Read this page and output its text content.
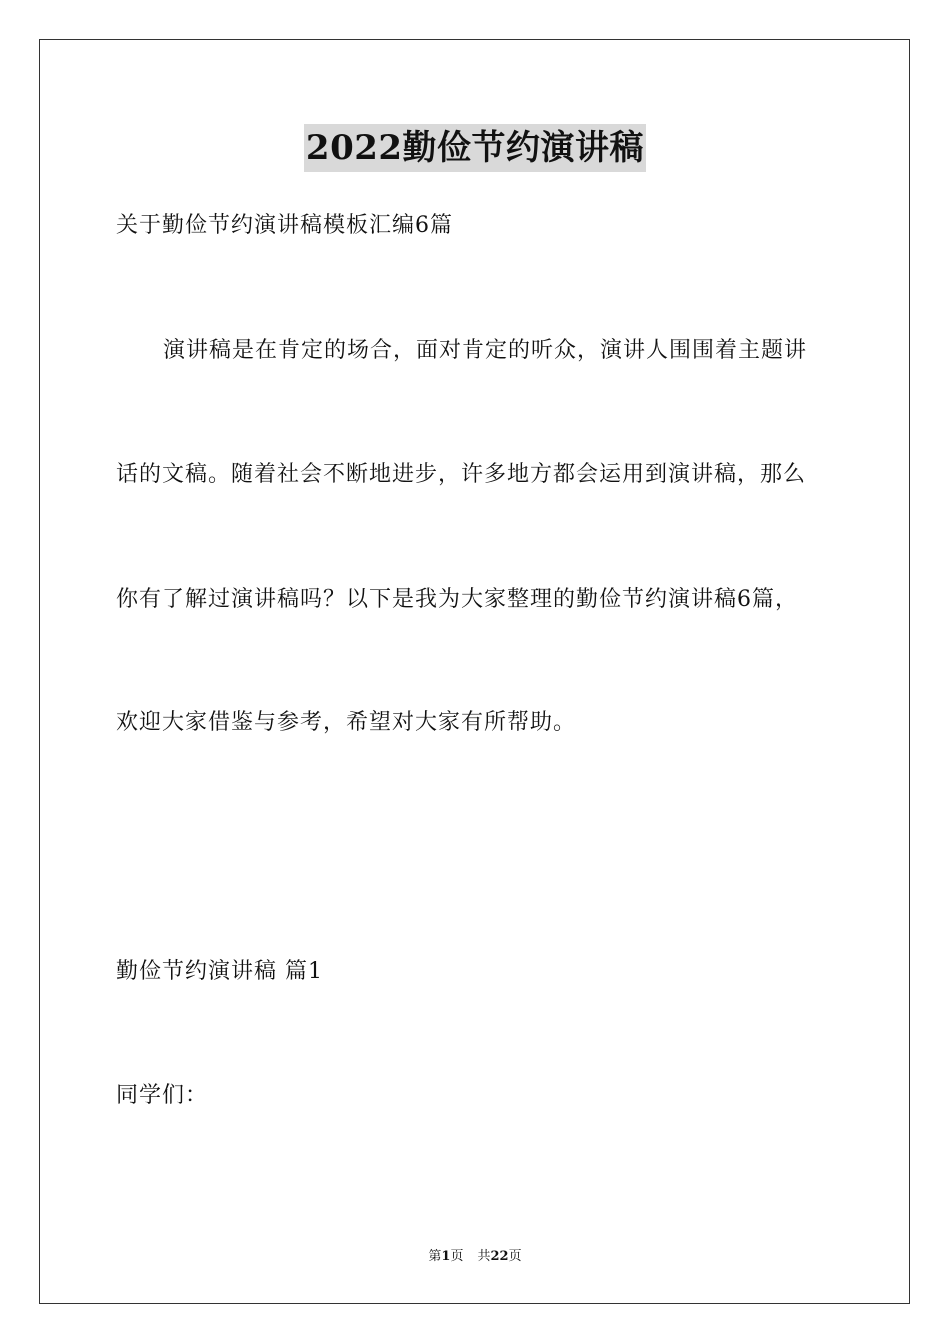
2022勤俭节约演讲稿
关于勤俭节约演讲稿模板汇编6篇
演讲稿是在肯定的场合，面对肯定的听众，演讲人围围着主题讲
话的文稿。随着社会不断地进步，许多地方都会运用到演讲稿，那么
你有了解过演讲稿吗？以下是我为大家整理的勤俭节约演讲稿6篇，
欢迎大家借鉴与参考，希望对大家有所帮助。
勤俭节约演讲稿 篇1
同学们：
第1页 共22页
